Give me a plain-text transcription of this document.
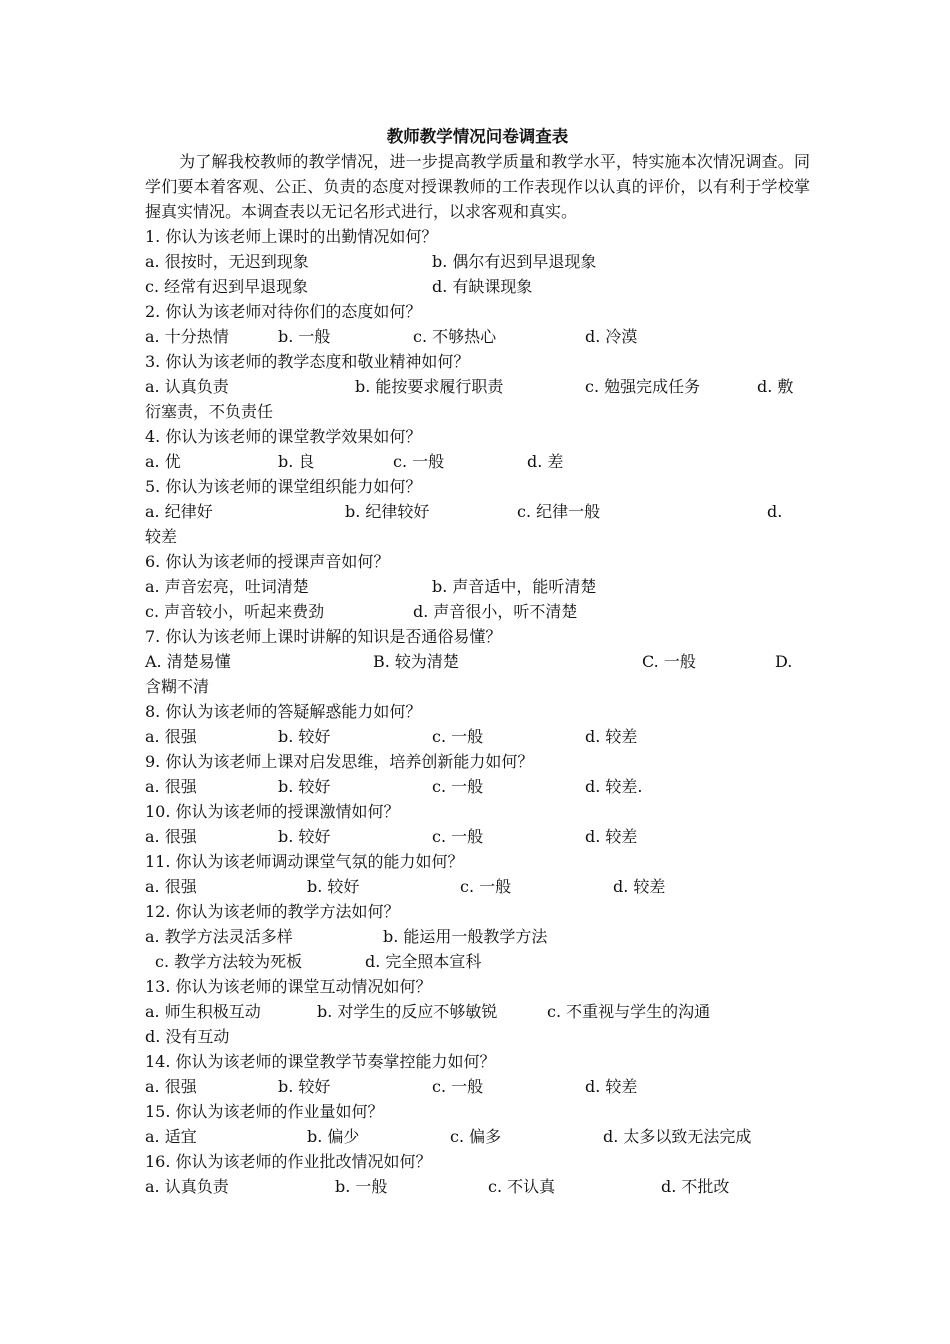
教师教学情况问卷调查表
为了解我校教师的教学情况，进一步提高教学质量和教学水平，特实施本次情况调查。同学们要本着客观、公正、负责的态度对授课教师的工作表现作以认真的评价，以有利于学校掌握真实情况。本调查表以无记名形式进行，以求客观和真实。
1. 你认为该老师上课时的出勤情况如何？
a. 很按时，无迟到现象	b. 偶尔有迟到早退现象
c. 经常有迟到早退现象	d. 有缺课现象
2. 你认为该老师对待你们的态度如何？
a. 十分热情	b. 一般	c. 不够热心	d. 冷漠
3. 你认为该老师的教学态度和敬业精神如何？
a. 认真负责	b. 能按要求履行职责	c. 勉强完成任务	d. 敷
衍塞责，不负责任
4. 你认为该老师的课堂教学效果如何？
a. 优	b. 良	c. 一般	d. 差
5. 你认为该老师的课堂组织能力如何？
a. 纪律好	b. 纪律较好	c. 纪律一般	d.
较差
6. 你认为该老师的授课声音如何？
a. 声音宏亮，吐词清楚	b. 声音适中，能听清楚
c. 声音较小，听起来费劲	d. 声音很小，听不清楚
7. 你认为该老师上课时讲解的知识是否通俗易懂？
A. 清楚易懂	B. 较为清楚	C. 一般	D.
含糊不清
8. 你认为该老师的答疑解惑能力如何？
a. 很强	b. 较好	c. 一般	d. 较差
9. 你认为该老师上课对启发思维，培养创新能力如何？
a. 很强	b. 较好	c. 一般	d. 较差.
10. 你认为该老师的授课激情如何？
a. 很强	b. 较好	c. 一般	d. 较差
11. 你认为该老师调动课堂气氛的能力如何？
a. 很强	b. 较好	c. 一般	d. 较差
12. 你认为该老师的教学方法如何？
a. 教学方法灵活多样	b. 能运用一般教学方法
c. 教学方法较为死板	d. 完全照本宣科
13. 你认为该老师的课堂互动情况如何？
a. 师生积极互动	b. 对学生的反应不够敏锐	c. 不重视与学生的沟通
d. 没有互动
14. 你认为该老师的课堂教学节奏掌控能力如何？
a. 很强	b. 较好	c. 一般	d. 较差
15. 你认为该老师的作业量如何？
a. 适宜	b. 偏少	c. 偏多	d. 太多以致无法完成
16. 你认为该老师的作业批改情况如何？
a. 认真负责	b. 一般	c. 不认真	d. 不批改
